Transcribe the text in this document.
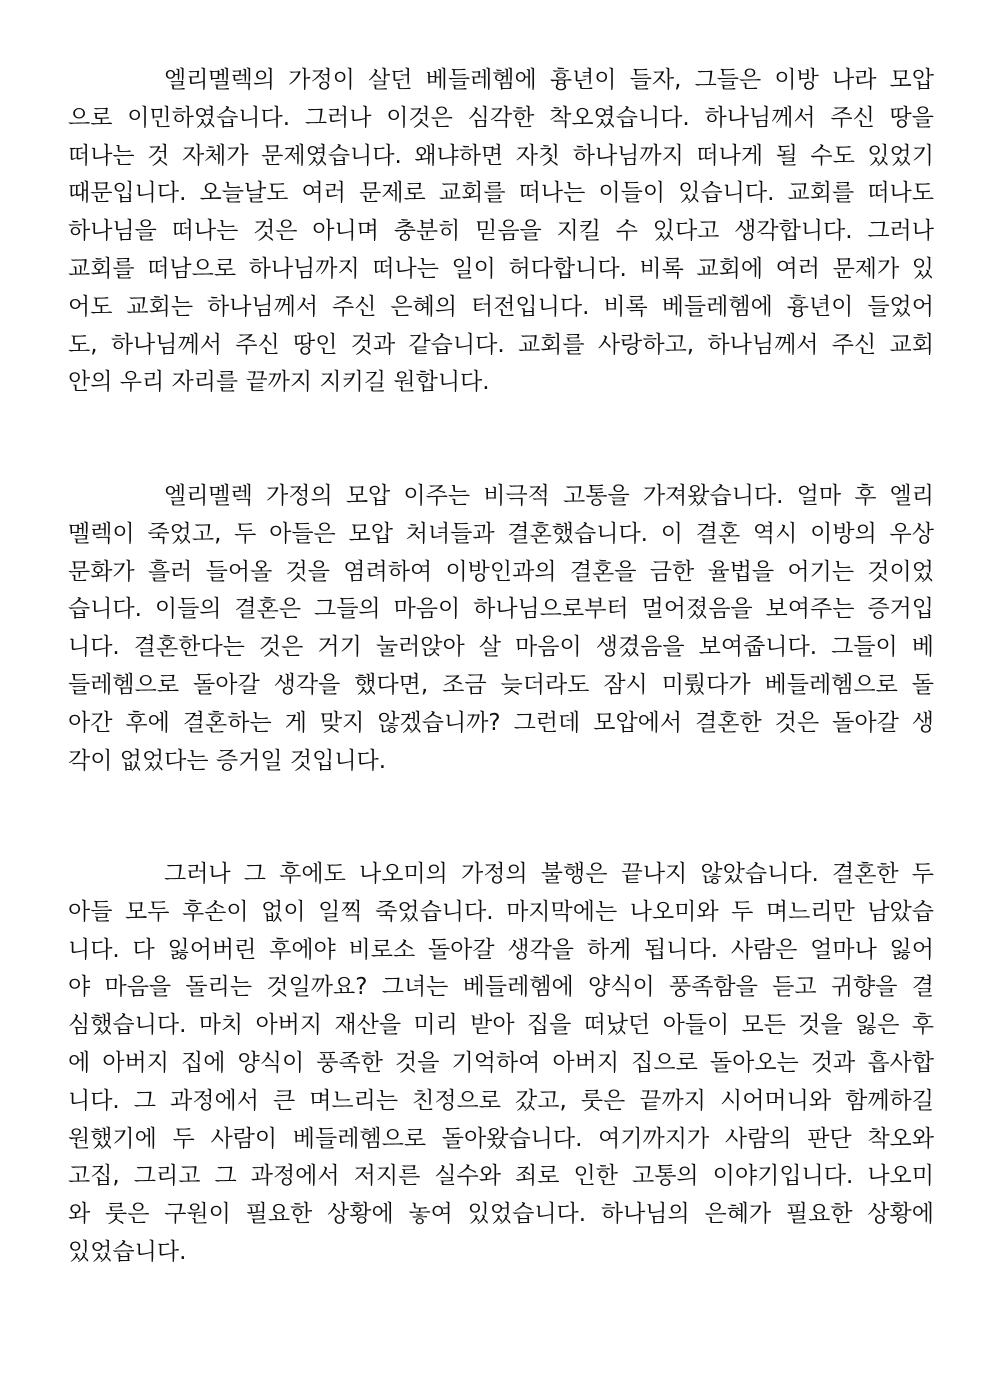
엘리멜렉의 가정이 살던 베들레헴에 흉년이 들자, 그들은 이방 나라 모압
으로 이민하였습니다. 그러나 이것은 심각한 착오였습니다. 하나님께서 주신 땅을
떠나는 것 자체가 문제였습니다. 왜냐하면 자칫 하나님까지 떠나게 될 수도 있었기
때문입니다. 오늘날도 여러 문제로 교회를 떠나는 이들이 있습니다. 교회를 떠나도
하나님을 떠나는 것은 아니며 충분히 믿음을 지킬 수 있다고 생각합니다. 그러나
교회를 떠남으로 하나님까지 떠나는 일이 허다합니다. 비록 교회에 여러 문제가 있
어도 교회는 하나님께서 주신 은혜의 터전입니다. 비록 베들레헴에 흉년이 들었어
도, 하나님께서 주신 땅인 것과 같습니다. 교회를 사랑하고, 하나님께서 주신 교회
안의 우리 자리를 끝까지 지키길 원합니다.
엘리멜렉 가정의 모압 이주는 비극적 고통을 가져왔습니다. 얼마 후 엘리
멜렉이 죽었고, 두 아들은 모압 처녀들과 결혼했습니다. 이 결혼 역시 이방의 우상
문화가 흘러 들어올 것을 염려하여 이방인과의 결혼을 금한 율법을 어기는 것이었
습니다. 이들의 결혼은 그들의 마음이 하나님으로부터 멀어졌음을 보여주는 증거입
니다. 결혼한다는 것은 거기 눌러앉아 살 마음이 생겼음을 보여줍니다. 그들이 베
들레헴으로 돌아갈 생각을 했다면, 조금 늦더라도 잠시 미뤘다가 베들레헴으로 돌
아간 후에 결혼하는 게 맞지 않겠습니까? 그런데 모압에서 결혼한 것은 돌아갈 생
각이 없었다는 증거일 것입니다.
그러나 그 후에도 나오미의 가정의 불행은 끝나지 않았습니다. 결혼한 두
아들 모두 후손이 없이 일찍 죽었습니다. 마지막에는 나오미와 두 며느리만 남았습
니다. 다 잃어버린 후에야 비로소 돌아갈 생각을 하게 됩니다. 사람은 얼마나 잃어
야 마음을 돌리는 것일까요? 그녀는 베들레헴에 양식이 풍족함을 듣고 귀향을 결
심했습니다. 마치 아버지 재산을 미리 받아 집을 떠났던 아들이 모든 것을 잃은 후
에 아버지 집에 양식이 풍족한 것을 기억하여 아버지 집으로 돌아오는 것과 흡사합
니다. 그 과정에서 큰 며느리는 친정으로 갔고, 룻은 끝까지 시어머니와 함께하길
원했기에 두 사람이 베들레헴으로 돌아왔습니다. 여기까지가 사람의 판단 착오와
고집, 그리고 그 과정에서 저지른 실수와 죄로 인한 고통의 이야기입니다. 나오미
와 룻은 구원이 필요한 상황에 놓여 있었습니다. 하나님의 은혜가 필요한 상황에
있었습니다.
